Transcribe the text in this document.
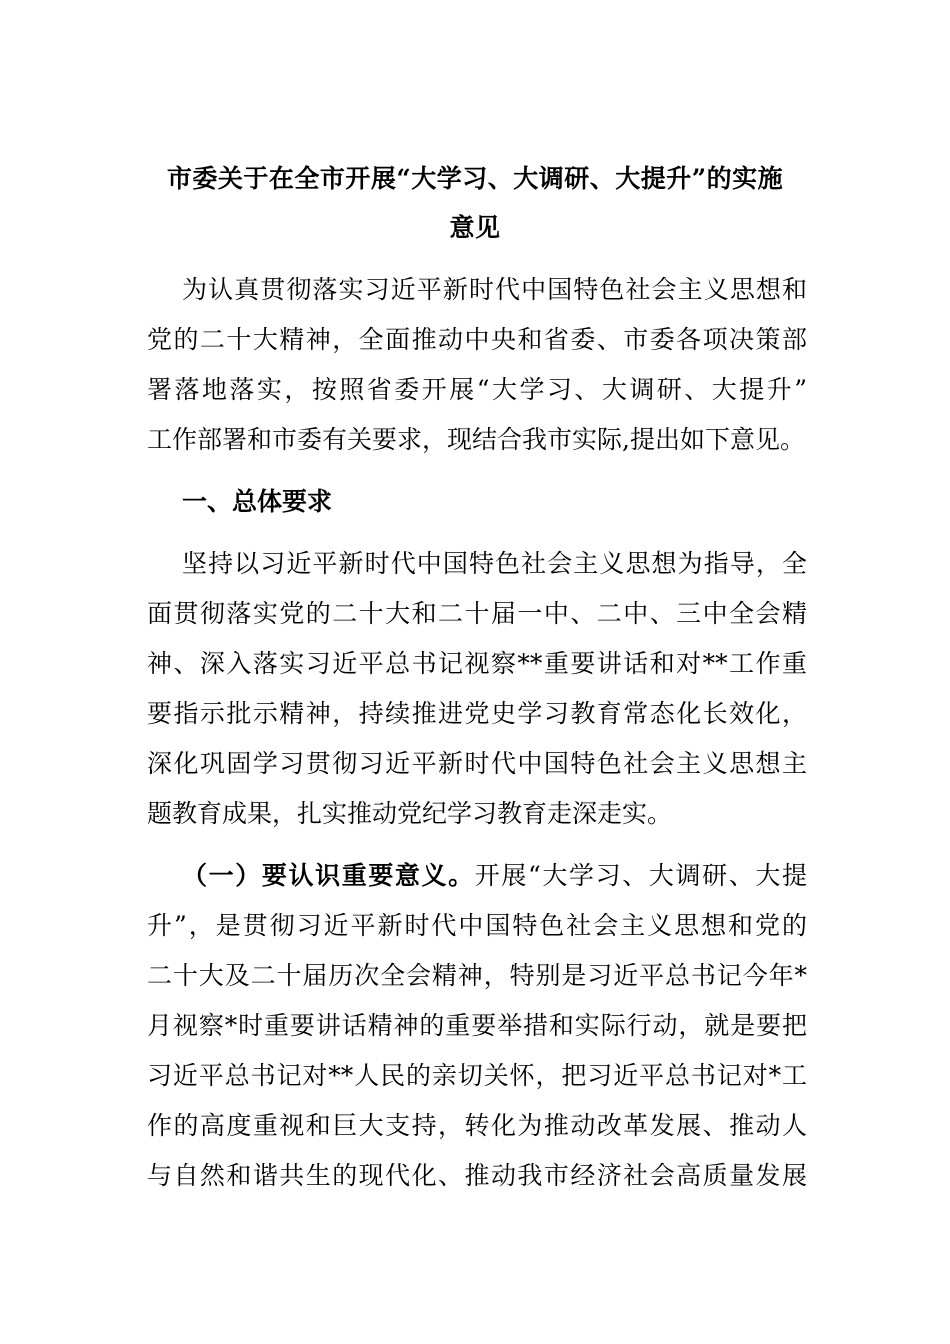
市委关于在全市开展“大学习、大调研、大提升”的实施
意见
为认真贯彻落实习近平新时代中国特色社会主义思想和
党的二十大精神，全面推动中央和省委、市委各项决策部
署落地落实，按照省委开展“大学习、大调研、大提升”
工作部署和市委有关要求，现结合我市实际,提出如下意见。
一、总体要求
坚持以习近平新时代中国特色社会主义思想为指导，全
面贯彻落实党的二十大和二十届一中、二中、三中全会精
神、深入落实习近平总书记视察**重要讲话和对**工作重
要指示批示精神，持续推进党史学习教育常态化长效化，
深化巩固学习贯彻习近平新时代中国特色社会主义思想主
题教育成果，扎实推动党纪学习教育走深走实。
（一）要认识重要意义。开展“大学习、大调研、大提
升”，是贯彻习近平新时代中国特色社会主义思想和党的
二十大及二十届历次全会精神，特别是习近平总书记今年*
月视察*时重要讲话精神的重要举措和实际行动，就是要把
习近平总书记对**人民的亲切关怀，把习近平总书记对*工
作的高度重视和巨大支持，转化为推动改革发展、推动人
与自然和谐共生的现代化、推动我市经济社会高质量发展
